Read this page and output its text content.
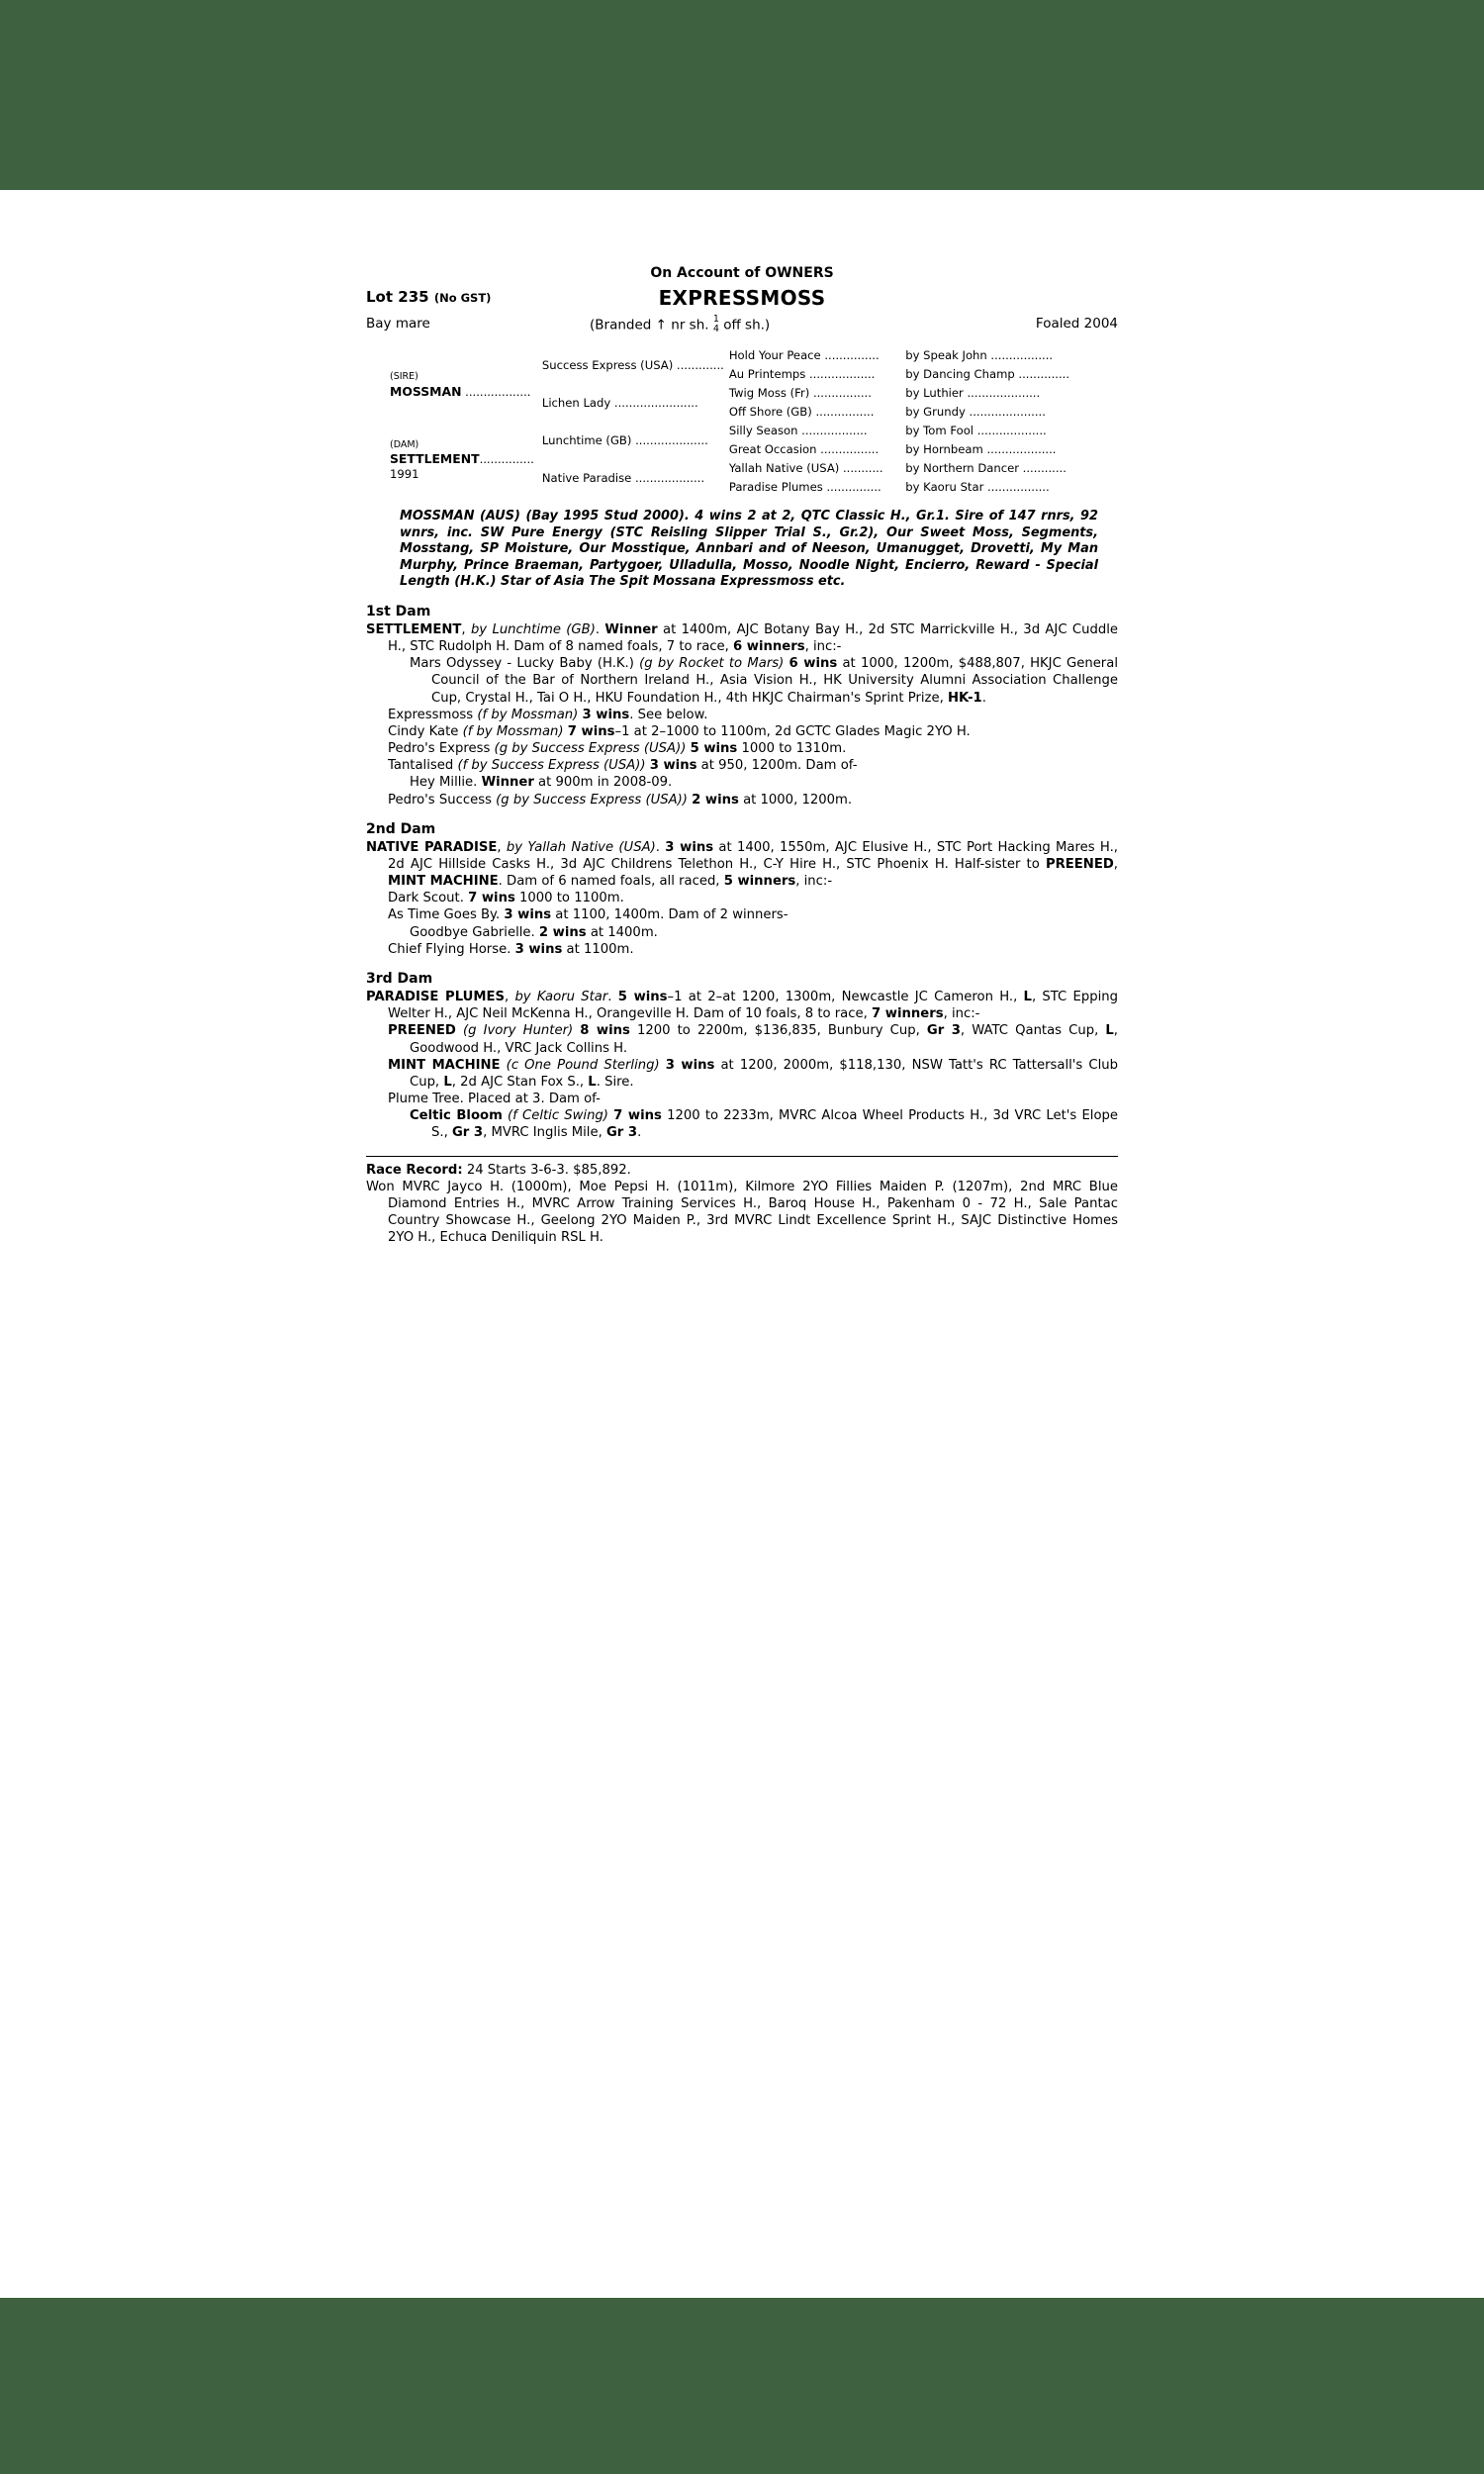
On Account of OWNERS
Lot 235 (No GST)	EXPRESSMOSS
Bay mare	(Branded ↑ nr sh. 1
4 off sh.)	Foaled 2004
(SIRE)
MOSSMAN ..................	Success Express (USA) .............	Hold Your Peace ...............	by Speak John .................
		Au Printemps ..................	by Dancing Champ ..............
	Lichen Lady .......................	Twig Moss (Fr) ................	by Luthier ....................
		Off Shore (GB) ................	by Grundy .....................
(DAM)
SETTLEMENT...............
1991	Lunchtime (GB) ....................	Silly Season ..................	by Tom Fool ...................
		Great Occasion ................	by Hornbeam ...................
	Native Paradise ...................	Yallah Native (USA) ...........	by Northern Dancer ............
		Paradise Plumes ...............	by Kaoru Star .................
MOSSMAN (AUS) (Bay 1995 Stud 2000). 4 wins 2 at 2, QTC Classic H., Gr.1. Sire of 147 rnrs, 92 wnrs, inc. SW Pure Energy (STC Reisling Slipper Trial S., Gr.2), Our Sweet Moss, Segments, Mosstang, SP Moisture, Our Mosstique, Annbari and of Neeson, Umanugget, Drovetti, My Man Murphy, Prince Braeman, Partygoer, Ulladulla, Mosso, Noodle Night, Encierro, Reward - Special Length (H.K.) Star of Asia The Spit Mossana Expressmoss etc.
1st Dam
SETTLEMENT, by Lunchtime (GB). Winner at 1400m, AJC Botany Bay H., 2d STC Marrickville H., 3d AJC Cuddle H., STC Rudolph H. Dam of 8 named foals, 7 to race, 6 winners, inc:-
Mars Odyssey - Lucky Baby (H.K.) (g by Rocket to Mars) 6 wins at 1000, 1200m, $488,807, HKJC General Council of the Bar of Northern Ireland H., Asia Vision H., HK University Alumni Association Challenge Cup, Crystal H., Tai O H., HKU Foundation H., 4th HKJC Chairman's Sprint Prize, HK-1.
Expressmoss (f by Mossman) 3 wins. See below.
Cindy Kate (f by Mossman) 7 wins–1 at 2–1000 to 1100m, 2d GCTC Glades Magic 2YO H.
Pedro's Express (g by Success Express (USA)) 5 wins 1000 to 1310m.
Tantalised (f by Success Express (USA)) 3 wins at 950, 1200m. Dam of-
Hey Millie. Winner at 900m in 2008-09.
Pedro's Success (g by Success Express (USA)) 2 wins at 1000, 1200m.
2nd Dam
NATIVE PARADISE, by Yallah Native (USA). 3 wins at 1400, 1550m, AJC Elusive H., STC Port Hacking Mares H., 2d AJC Hillside Casks H., 3d AJC Childrens Telethon H., C-Y Hire H., STC Phoenix H. Half-sister to PREENED, MINT MACHINE. Dam of 6 named foals, all raced, 5 winners, inc:-
Dark Scout. 7 wins 1000 to 1100m.
As Time Goes By. 3 wins at 1100, 1400m. Dam of 2 winners-
Goodbye Gabrielle. 2 wins at 1400m.
Chief Flying Horse. 3 wins at 1100m.
3rd Dam
PARADISE PLUMES, by Kaoru Star. 5 wins–1 at 2–at 1200, 1300m, Newcastle JC Cameron H., L, STC Epping Welter H., AJC Neil McKenna H., Orangeville H. Dam of 10 foals, 8 to race, 7 winners, inc:-
PREENED (g Ivory Hunter) 8 wins 1200 to 2200m, $136,835, Bunbury Cup, Gr 3, WATC Qantas Cup, L, Goodwood H., VRC Jack Collins H.
MINT MACHINE (c One Pound Sterling) 3 wins at 1200, 2000m, $118,130, NSW Tatt's RC Tattersall's Club Cup, L, 2d AJC Stan Fox S., L. Sire.
Plume Tree. Placed at 3. Dam of-
Celtic Bloom (f Celtic Swing) 7 wins 1200 to 2233m, MVRC Alcoa Wheel Products H., 3d VRC Let's Elope S., Gr 3, MVRC Inglis Mile, Gr 3.
Race Record: 24 Starts 3-6-3. $85,892.
Won MVRC Jayco H. (1000m), Moe Pepsi H. (1011m), Kilmore 2YO Fillies Maiden P. (1207m), 2nd MRC Blue Diamond Entries H., MVRC Arrow Training Services H., Baroq House H., Pakenham 0 - 72 H., Sale Pantac Country Showcase H., Geelong 2YO Maiden P., 3rd MVRC Lindt Excellence Sprint H., SAJC Distinctive Homes 2YO H., Echuca Deniliquin RSL H.
